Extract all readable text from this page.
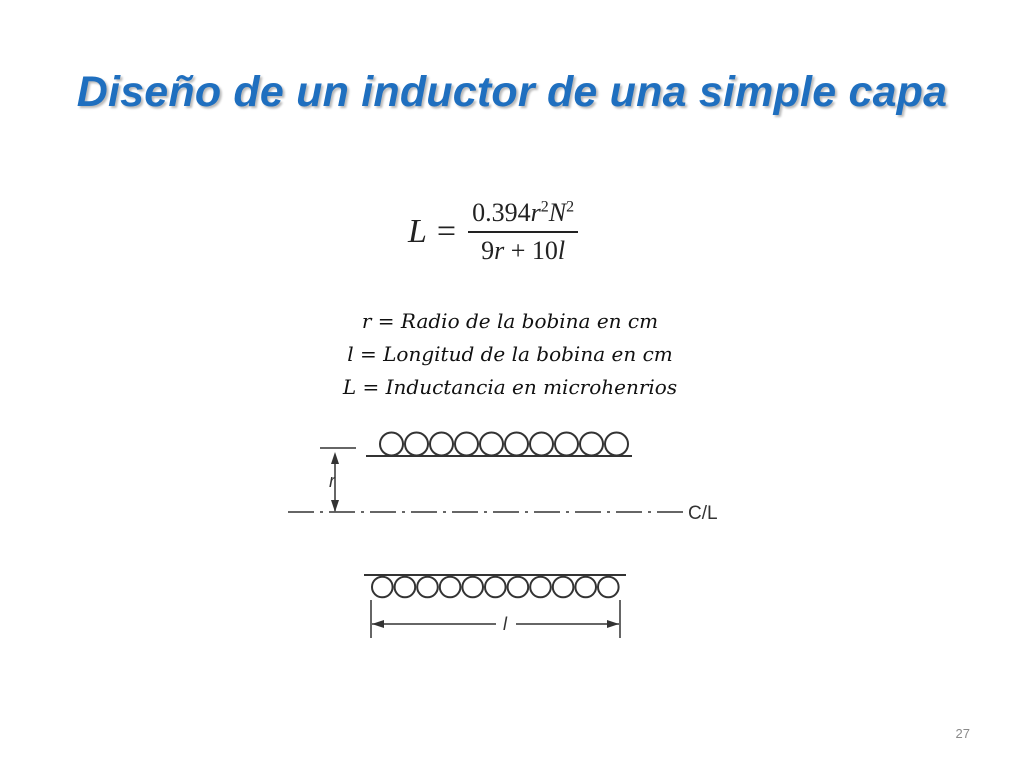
Diseño de un inductor de una simple capa
$L = \frac{0.394r^2N^2}{9r + 10l}$
r = Radio de la bobina en cm
l = Longitud de la bobina en cm
L = Inductancia en microhenrios
r
C/L
l
27
